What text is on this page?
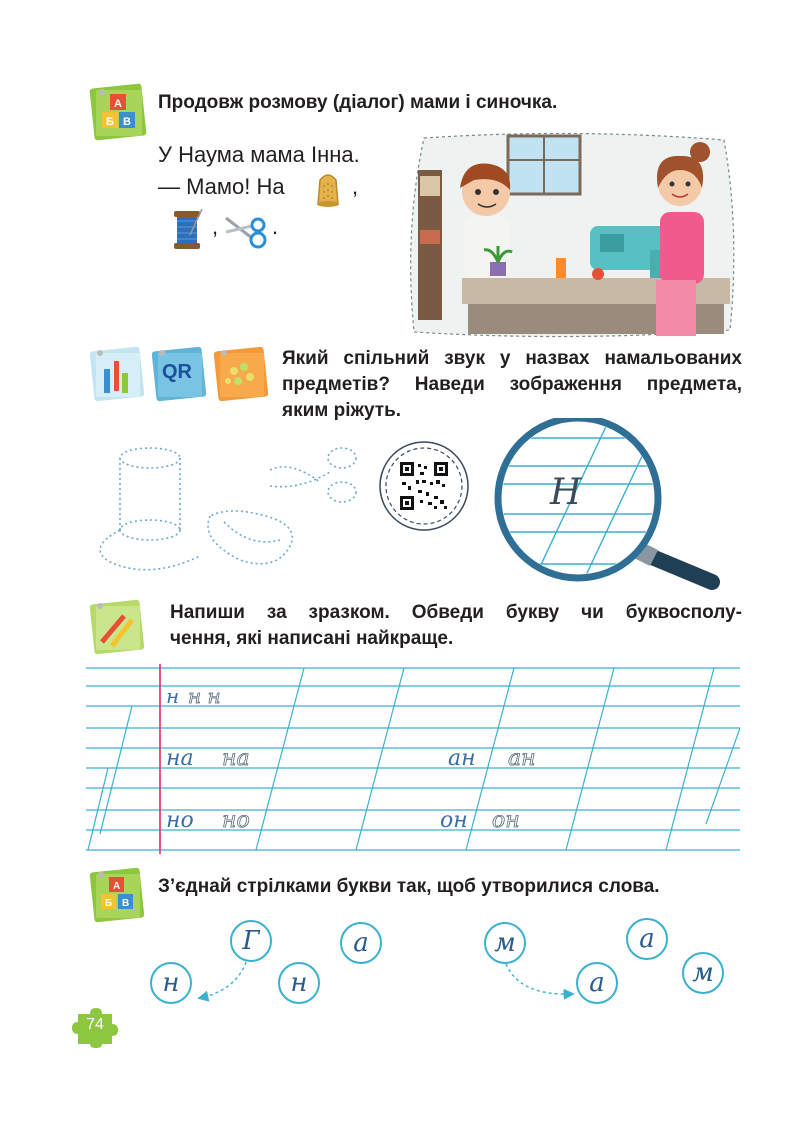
А
Б В
Продовж розмову (діалог) мами і синочка.
У Наума мама Інна.
— Мамо! На	,
, .
QR
Який спільний звук у назвах намальованих
предметів? Наведи зображення предмета,
яким ріжуть.
Н
Напиши за зразком. Обведи букву чи буквосполу-
чення, які написані найкраще.
н н н
на на	ан ан
но но	он он
А
Б В
З’єднай стрілками букви так, щоб утворилися слова.
Г	а
н	н
м	а
а	м
74
